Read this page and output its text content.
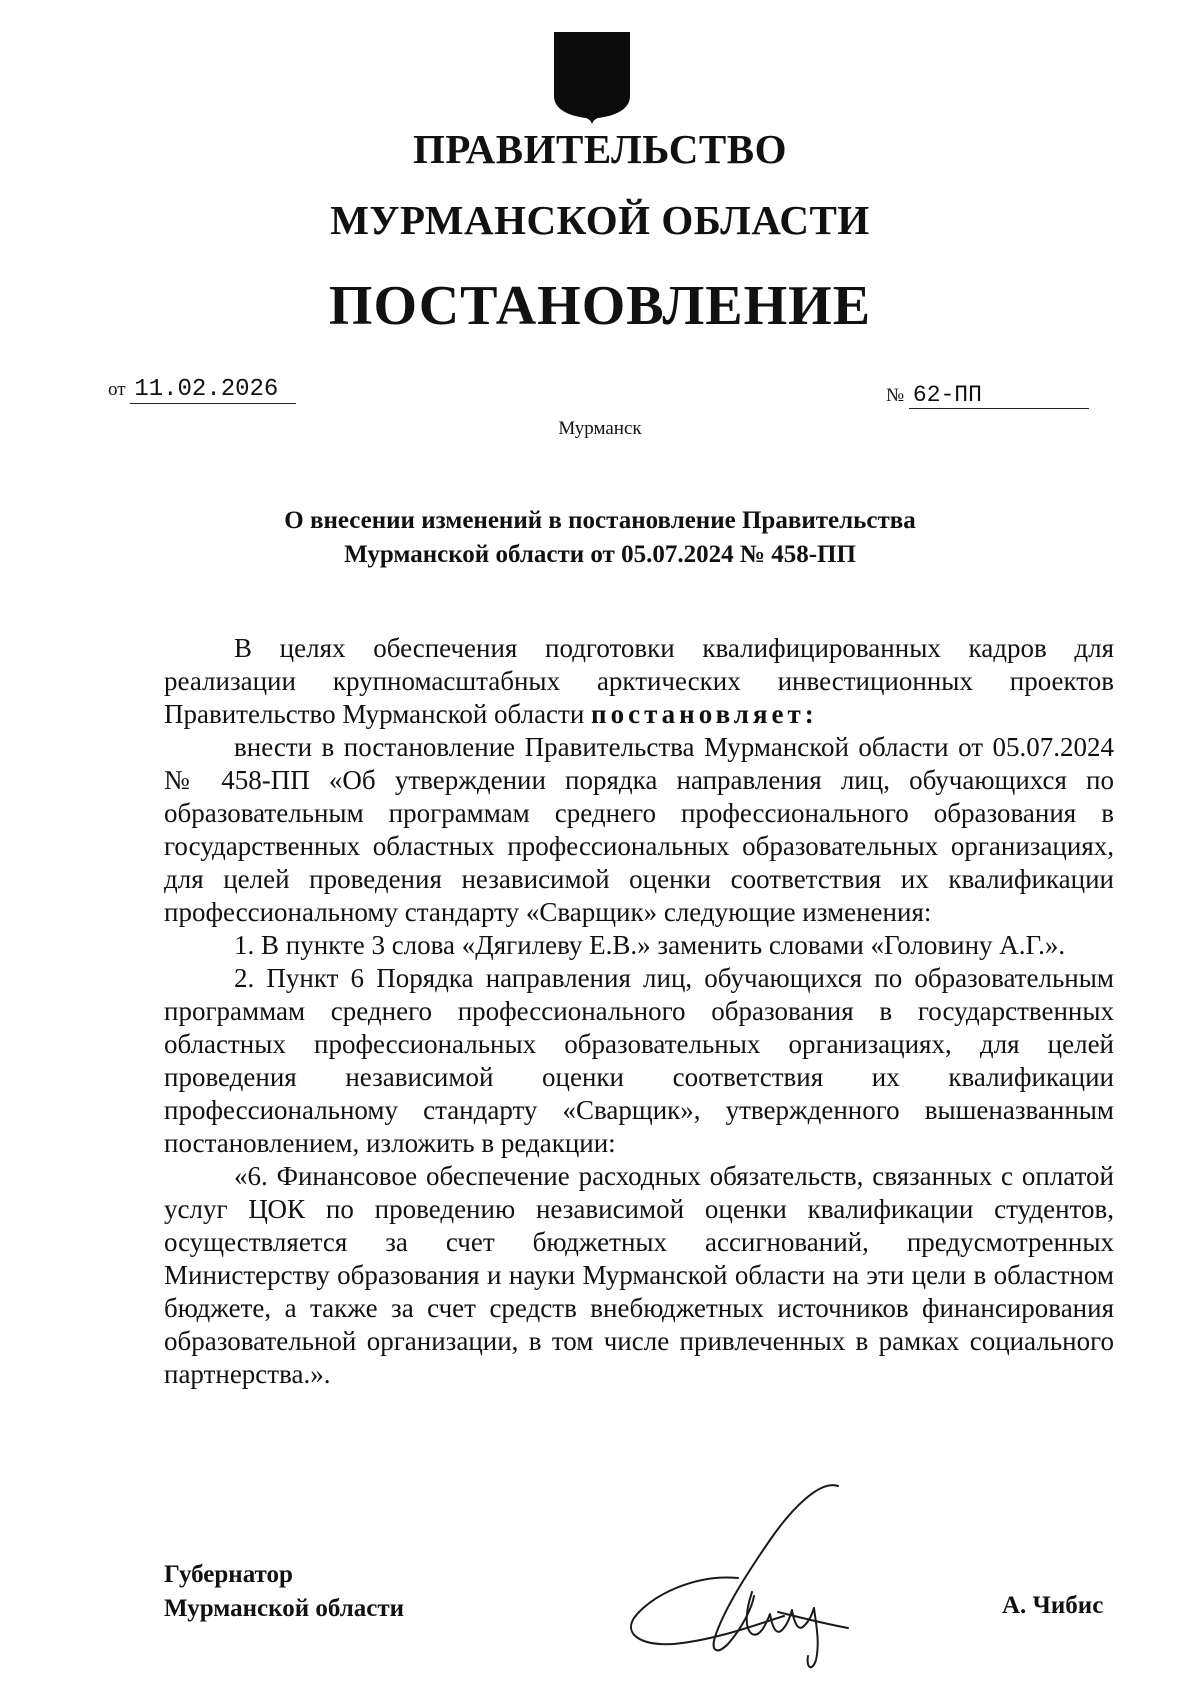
ПРАВИТЕЛЬСТВО
МУРМАНСКОЙ ОБЛАСТИ
ПОСТАНОВЛЕНИЕ
от 11.02.2026	№ 62-ПП
Мурманск
О внесении изменений в постановление Правительства
Мурманской области от 05.07.2024 № 458-ПП

В целях обеспечения подготовки квалифицированных кадров для реализации крупномасштабных арктических инвестиционных проектов Правительство Мурманской области постановляет:

внести в постановление Правительства Мурманской области от 05.07.2024 № 458-ПП «Об утверждении порядка направления лиц, обучающихся по образовательным программам среднего профессионального образования в государственных областных профессиональных образовательных организациях, для целей проведения независимой оценки соответствия их квалификации профессиональному стандарту «Сварщик» следующие изменения:

1. В пункте 3 слова «Дягилеву Е.В.» заменить словами «Головину А.Г.».

2. Пункт 6 Порядка направления лиц, обучающихся по образовательным программам среднего профессионального образования в государственных областных профессиональных образовательных организациях, для целей проведения независимой оценки соответствия их квалификации профессиональному стандарту «Сварщик», утвержденного вышеназванным постановлением, изложить в редакции:

«6. Финансовое обеспечение расходных обязательств, связанных с оплатой услуг ЦОК по проведению независимой оценки квалификации студентов, осуществляется за счет бюджетных ассигнований, предусмотренных Министерству образования и науки Мурманской области на эти цели в областном бюджете, а также за счет средств внебюджетных источников финансирования образовательной организации, в том числе привлеченных в рамках социального партнерства.».

Губернатор
Мурманской области	А. Чибис
